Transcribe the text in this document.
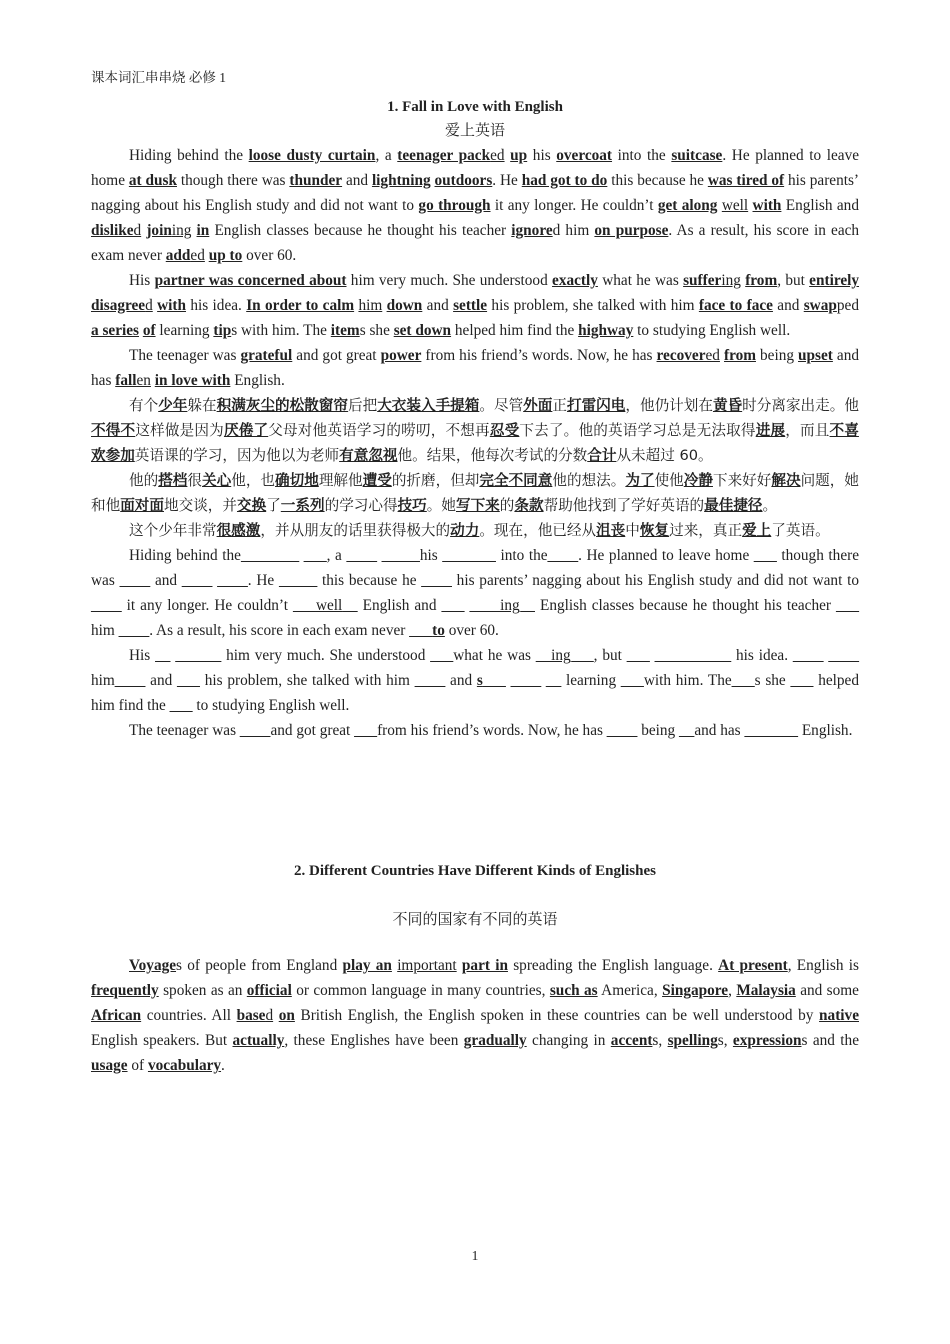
课本词汇串串烧 必修 1
1. Fall in Love with English
爱上英语

Hiding behind the loose dusty curtain, a teenager packed up his overcoat into the suitcase. He planned to leave home at dusk though there was thunder and lightning outdoors. He had got to do this because he was tired of his parents’ nagging about his English study and did not want to go through it any longer. He couldn’t get along well with English and disliked joining in English classes because he thought his teacher ignored him on purpose. As a result, his score in each exam never added up to over 60.

His partner was concerned about him very much. She understood exactly what he was suffering from, but entirely disagreed with his idea. In order to calm him down and settle his problem, she talked with him face to face and swapped a series of learning tips with him. The items she set down helped him find the highway to studying English well.

The teenager was grateful and got great power from his friend’s words. Now, he has recovered from being upset and has fallen in love with English.

有个少年躲在积满灰尘的松散窗帘后把大衣装入手提箱。尽管外面正打雷闪电，他仍计划在黄昏时分离家出走。他不得不这样做是因为厌倦了父母对他英语学习的唠叨，不想再忍受下去了。他的英语学习总是无法取得进展，而且不喜欢参加英语课的学习，因为他以为老师有意忽视他。结果，他每次考试的分数合计从未超过 60。

他的搭档很关心他，也确切地理解他遭受的折磨，但却完全不同意他的想法。为了使他冷静下来好好解决问题，她和他面对面地交谈，并交换了一系列的学习心得技巧。她写下来的条款帮助他找到了学好英语的最佳捷径。

这个少年非常很感激，并从朋友的话里获得极大的动力。现在，他已经从沮丧中恢复过来，真正爱上了英语。

Hiding behind the___ ____ ___, a ____ _____his _______ into the____. He planned to leave home ___ though there was ____ and ____ ____. He _____ this because he ____ his parents’ nagging about his English study and did not want to ____ it any longer. He couldn’t ___well__ English and ___ ____ing__ English classes because he thought his teacher ___ him ____. As a result, his score in each exam never ___to over 60.

His __ ______ him very much. She understood ___what he was __ing___, but ___ __________ his idea. ____ ____ him____ and ___ his problem, she talked with him ____ and s___ ____ __ learning ___with him. The___s she ___ helped him find the ___ to studying English well.

The teenager was ____and got great ___from his friend’s words. Now, he has ____ being __and has _______ English.

2. Different Countries Have Different Kinds of Englishes
不同的国家有不同的英语

Voyages of people from England play an important part in spreading the English language. At present, English is frequently spoken as an official or common language in many countries, such as America, Singapore, Malaysia and some African countries. All based on British English, the English spoken in these countries can be well understood by native English speakers. But actually, these Englishes have been gradually changing in accents, spellings, expressions and the usage of vocabulary.

1
